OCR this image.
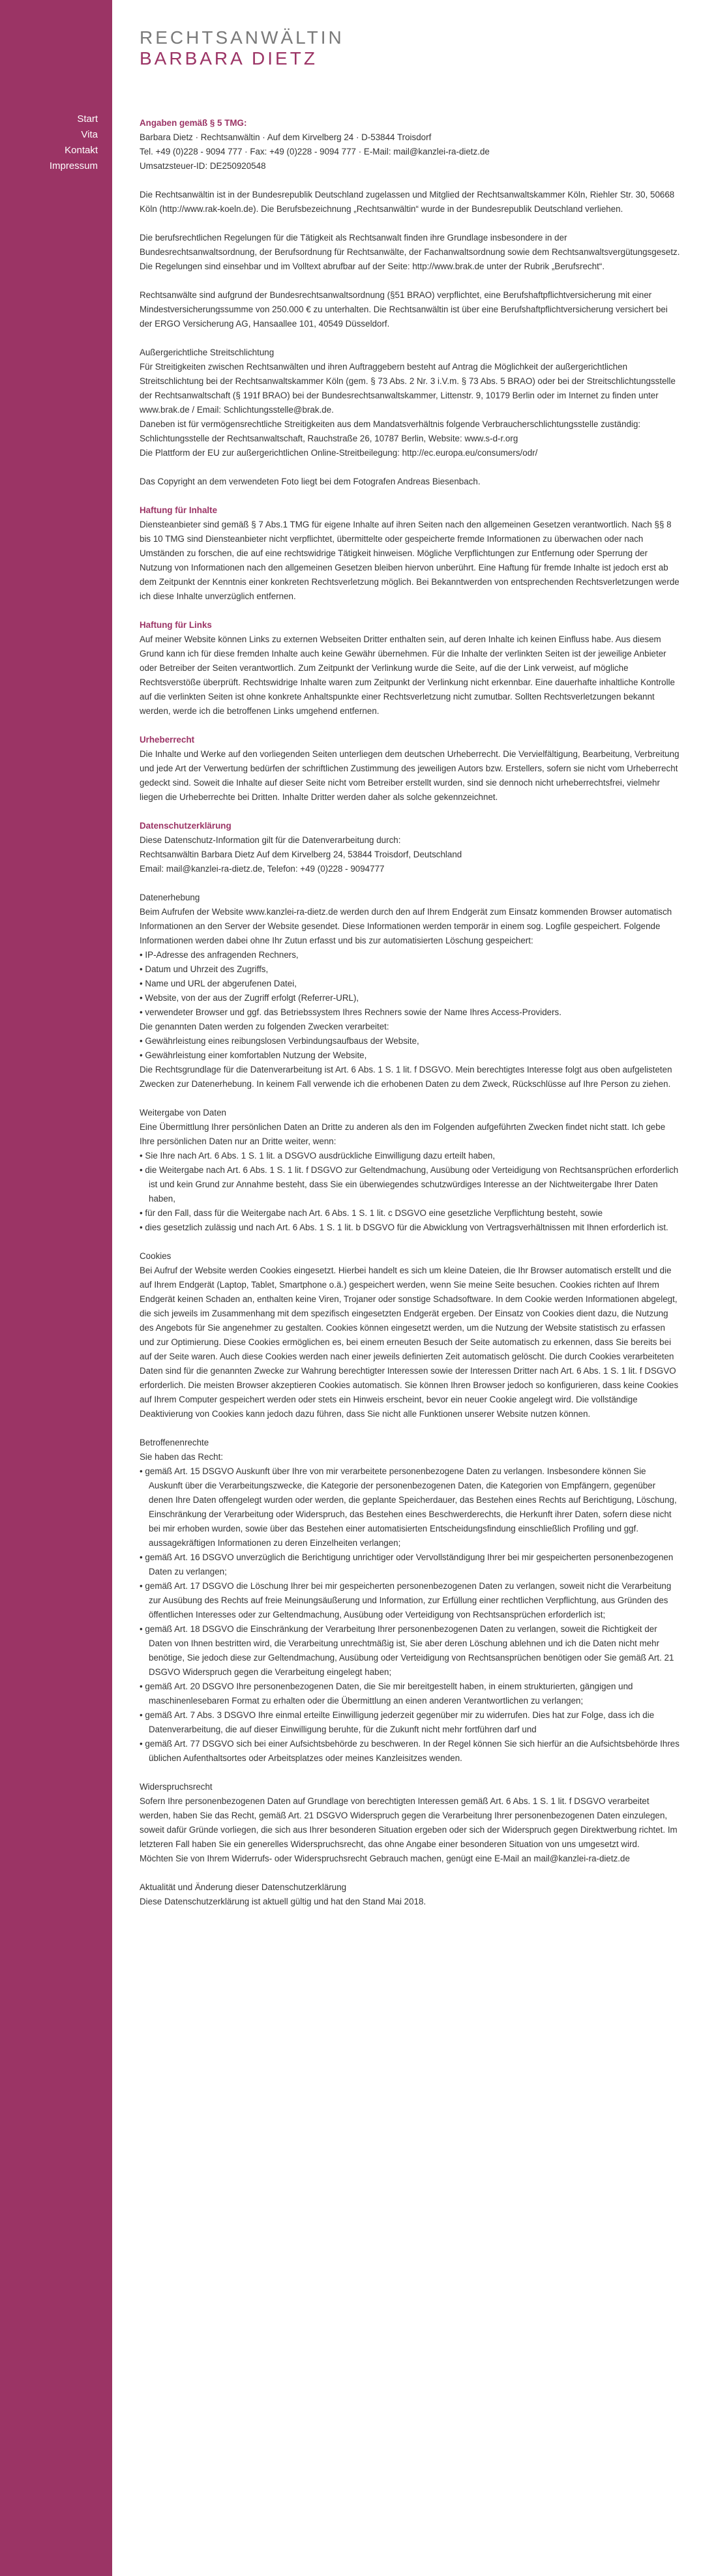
Start
Vita
Kontakt
Impressum
RECHTSANWÄLTIN
BARBARA DIETZ
Angaben gemäß § 5 TMG:
Barbara Dietz · Rechtsanwältin · Auf dem Kirvelberg 24 · D-53844 Troisdorf
Tel. +49 (0)228 - 9094 777 · Fax: +49 (0)228 - 9094 777 · E-Mail: mail@kanzlei-ra-dietz.de
Umsatzsteuer-ID: DE250920548

Die Rechtsanwältin ist in der Bundesrepublik Deutschland zugelassen und Mitglied der Rechtsanwaltskammer Köln, Riehler Str. 30, 50668 Köln (http://www.rak-koeln.de). Die Berufsbezeichnung „Rechtsanwältin“ wurde in der Bundesrepublik Deutschland verliehen.

Die berufsrechtlichen Regelungen für die Tätigkeit als Rechtsanwalt finden ihre Grundlage insbesondere in der Bundesrechtsanwaltsordnung, der Berufsordnung für Rechtsanwälte, der Fachanwaltsordnung sowie dem Rechtsanwaltsvergütungsgesetz. Die Regelungen sind einsehbar und im Volltext abrufbar auf der Seite: http://www.brak.de unter der Rubrik „Berufsrecht“.

Rechtsanwälte sind aufgrund der Bundesrechtsanwaltsordnung (§51 BRAO) verpflichtet, eine Berufshaftpflichtversicherung mit einer Mindestversicherungssumme von 250.000 € zu unterhalten. Die Rechtsanwältin ist über eine Berufshaftpflichtversicherung versichert bei der ERGO Versicherung AG, Hansaallee 101, 40549 Düsseldorf.

Außergerichtliche Streitschlichtung
Für Streitigkeiten zwischen Rechtsanwälten und ihren Auftraggebern besteht auf Antrag die Möglichkeit der außergerichtlichen Streitschlichtung bei der Rechtsanwaltskammer Köln (gem. § 73 Abs. 2 Nr. 3 i.V.m. § 73 Abs. 5 BRAO) oder bei der Streitschlichtungsstelle der Rechtsanwaltschaft (§ 191f BRAO) bei der Bundesrechtsanwaltskammer, Littenstr. 9, 10179 Berlin oder im Internet zu finden unter www.brak.de / Email: Schlichtungsstelle@brak.de.
Daneben ist für vermögensrechtliche Streitigkeiten aus dem Mandatsverhältnis folgende Verbraucherschlichtungsstelle zuständig: Schlichtungsstelle der Rechtsanwaltschaft, Rauchstraße 26, 10787 Berlin, Website: www.s-d-r.org
Die Plattform der EU zur außergerichtlichen Online-Streitbeilegung: http://ec.europa.eu/consumers/odr/

Das Copyright an dem verwendeten Foto liegt bei dem Fotografen Andreas Biesenbach.

Haftung für Inhalte
Diensteanbieter sind gemäß § 7 Abs.1 TMG für eigene Inhalte auf ihren Seiten nach den allgemeinen Gesetzen verantwortlich. Nach §§ 8 bis 10 TMG sind Diensteanbieter nicht verpflichtet, übermittelte oder gespeicherte fremde Informationen zu überwachen oder nach Umständen zu forschen, die auf eine rechtswidrige Tätigkeit hinweisen. Mögliche Verpflichtungen zur Entfernung oder Sperrung der Nutzung von Informationen nach den allgemeinen Gesetzen bleiben hiervon unberührt. Eine Haftung für fremde Inhalte ist jedoch erst ab dem Zeitpunkt der Kenntnis einer konkreten Rechtsverletzung möglich. Bei Bekanntwerden von entsprechenden Rechtsverletzungen werde ich diese Inhalte unverzüglich entfernen.
Haftung für Links
Auf meiner Website können Links zu externen Webseiten Dritter enthalten sein, auf deren Inhalte ich keinen Einfluss habe. Aus diesem Grund kann ich für diese fremden Inhalte auch keine Gewähr übernehmen. Für die Inhalte der verlinkten Seiten ist der jeweilige Anbieter oder Betreiber der Seiten verantwortlich. Zum Zeitpunkt der Verlinkung wurde die Seite, auf die der Link verweist, auf mögliche Rechtsverstöße überprüft. Rechtswidrige Inhalte waren zum Zeitpunkt der Verlinkung nicht erkennbar. Eine dauerhafte inhaltliche Kontrolle auf die verlinkten Seiten ist ohne konkrete Anhaltspunkte einer Rechtsverletzung nicht zumutbar. Sollten Rechtsverletzungen bekannt werden, werde ich die betroffenen Links umgehend entfernen.
Urheberrecht
Die Inhalte und Werke auf den vorliegenden Seiten unterliegen dem deutschen Urheberrecht. Die Vervielfältigung, Bearbeitung, Verbreitung und jede Art der Verwertung bedürfen der schriftlichen Zustimmung des jeweiligen Autors bzw. Erstellers, sofern sie nicht vom Urheberrecht gedeckt sind. Soweit die Inhalte auf dieser Seite nicht vom Betreiber erstellt wurden, sind sie dennoch nicht urheberrechtsfrei, vielmehr liegen die Urheberrechte bei Dritten. Inhalte Dritter werden daher als solche gekennzeichnet.
Datenschutzerklärung
Diese Datenschutz-Information gilt für die Datenverarbeitung durch:
Rechtsanwältin Barbara Dietz Auf dem Kirvelberg 24, 53844 Troisdorf, Deutschland
Email: mail@kanzlei-ra-dietz.de, Telefon: +49 (0)228 - 9094777
Datenerhebung
Beim Aufrufen der Website www.kanzlei-ra-dietz.de werden durch den auf Ihrem Endgerät zum Einsatz kommenden Browser automatisch Informationen an den Server der Website gesendet. Diese Informationen werden temporär in einem sog. Logfile gespeichert. Folgende Informationen werden dabei ohne Ihr Zutun erfasst und bis zur automatisierten Löschung gespeichert:
• IP-Adresse des anfragenden Rechners,
• Datum und Uhrzeit des Zugriffs,
• Name und URL der abgerufenen Datei,
• Website, von der aus der Zugriff erfolgt (Referrer-URL),
• verwendeter Browser und ggf. das Betriebssystem Ihres Rechners sowie der Name Ihres Access-Providers.
Die genannten Daten werden zu folgenden Zwecken verarbeitet:
• Gewährleistung eines reibungslosen Verbindungsaufbaus der Website,
• Gewährleistung einer komfortablen Nutzung der Website,
Die Rechtsgrundlage für die Datenverarbeitung ist Art. 6 Abs. 1 S. 1 lit. f DSGVO. Mein berechtigtes Interesse folgt aus oben aufgelisteten Zwecken zur Datenerhebung. In keinem Fall verwende ich die erhobenen Daten zu dem Zweck, Rückschlüsse auf Ihre Person zu ziehen.
Weitergabe von Daten
Eine Übermittlung Ihrer persönlichen Daten an Dritte zu anderen als den im Folgenden aufgeführten Zwecken findet nicht statt. Ich gebe Ihre persönlichen Daten nur an Dritte weiter, wenn:
• Sie Ihre nach Art. 6 Abs. 1 S. 1 lit. a DSGVO ausdrückliche Einwilligung dazu erteilt haben,
• die Weitergabe nach Art. 6 Abs. 1 S. 1 lit. f DSGVO zur Geltendmachung, Ausübung oder Verteidigung von Rechtsansprüchen erforderlich ist und kein Grund zur Annahme besteht, dass Sie ein überwiegendes schutzwürdiges Interesse an der Nichtweitergabe Ihrer Daten haben,
• für den Fall, dass für die Weitergabe nach Art. 6 Abs. 1 S. 1 lit. c DSGVO eine gesetzliche Verpflichtung besteht, sowie
• dies gesetzlich zulässig und nach Art. 6 Abs. 1 S. 1 lit. b DSGVO für die Abwicklung von Vertragsverhältnissen mit Ihnen erforderlich ist.
Cookies
Bei Aufruf der Website werden Cookies eingesetzt. Hierbei handelt es sich um kleine Dateien, die Ihr Browser automatisch erstellt und die auf Ihrem Endgerät (Laptop, Tablet, Smartphone o.ä.) gespeichert werden, wenn Sie meine Seite besuchen. Cookies richten auf Ihrem Endgerät keinen Schaden an, enthalten keine Viren, Trojaner oder sonstige Schadsoftware. In dem Cookie werden Informationen abgelegt, die sich jeweils im Zusammenhang mit dem spezifisch eingesetzten Endgerät ergeben. Der Einsatz von Cookies dient dazu, die Nutzung des Angebots für Sie angenehmer zu gestalten. Cookies können eingesetzt werden, um die Nutzung der Website statistisch zu erfassen und zur Optimierung. Diese Cookies ermöglichen es, bei einem erneuten Besuch der Seite automatisch zu erkennen, dass Sie bereits bei auf der Seite waren. Auch diese Cookies werden nach einer jeweils definierten Zeit automatisch gelöscht. Die durch Cookies verarbeiteten Daten sind für die genannten Zwecke zur Wahrung berechtigter Interessen sowie der Interessen Dritter nach Art. 6 Abs. 1 S. 1 lit. f DSGVO erforderlich. Die meisten Browser akzeptieren Cookies automatisch. Sie können Ihren Browser jedoch so konfigurieren, dass keine Cookies auf Ihrem Computer gespeichert werden oder stets ein Hinweis erscheint, bevor ein neuer Cookie angelegt wird. Die vollständige Deaktivierung von Cookies kann jedoch dazu führen, dass Sie nicht alle Funktionen unserer Website nutzen können.
Betroffenenrechte
Sie haben das Recht:
• gemäß Art. 15 DSGVO Auskunft über Ihre von mir verarbeitete personenbezogene Daten zu verlangen. Insbesondere können Sie Auskunft über die Verarbeitungszwecke, die Kategorie der personenbezogenen Daten, die Kategorien von Empfängern, gegenüber denen Ihre Daten offengelegt wurden oder werden, die geplante Speicherdauer, das Bestehen eines Rechts auf Berichtigung, Löschung, Einschränkung der Verarbeitung oder Widerspruch, das Bestehen eines Beschwerderechts, die Herkunft ihrer Daten, sofern diese nicht bei mir erhoben wurden, sowie über das Bestehen einer automatisierten Entscheidungsfindung einschließlich Profiling und ggf. aussagekräftigen Informationen zu deren Einzelheiten verlangen;
• gemäß Art. 16 DSGVO unverzüglich die Berichtigung unrichtiger oder Vervollständigung Ihrer bei mir gespeicherten personenbezogenen Daten zu verlangen;
• gemäß Art. 17 DSGVO die Löschung Ihrer bei mir gespeicherten personenbezogenen Daten zu verlangen, soweit nicht die Verarbeitung zur Ausübung des Rechts auf freie Meinungsäußerung und Information, zur Erfüllung einer rechtlichen Verpflichtung, aus Gründen des öffentlichen Interesses oder zur Geltendmachung, Ausübung oder Verteidigung von Rechtsansprüchen erforderlich ist;
• gemäß Art. 18 DSGVO die Einschränkung der Verarbeitung Ihrer personenbezogenen Daten zu verlangen, soweit die Richtigkeit der Daten von Ihnen bestritten wird, die Verarbeitung unrechtmäßig ist, Sie aber deren Löschung ablehnen und ich die Daten nicht mehr benötige, Sie jedoch diese zur Geltendmachung, Ausübung oder Verteidigung von Rechtsansprüchen benötigen oder Sie gemäß Art. 21 DSGVO Widerspruch gegen die Verarbeitung eingelegt haben;
• gemäß Art. 20 DSGVO Ihre personenbezogenen Daten, die Sie mir bereitgestellt haben, in einem strukturierten, gängigen und maschinenlesebaren Format zu erhalten oder die Übermittlung an einen anderen Verantwortlichen zu verlangen;
• gemäß Art. 7 Abs. 3 DSGVO Ihre einmal erteilte Einwilligung jederzeit gegenüber mir zu widerrufen. Dies hat zur Folge, dass ich die Datenverarbeitung, die auf dieser Einwilligung beruhte, für die Zukunft nicht mehr fortführen darf und
• gemäß Art. 77 DSGVO sich bei einer Aufsichtsbehörde zu beschweren. In der Regel können Sie sich hierfür an die Aufsichtsbehörde Ihres üblichen Aufenthaltsortes oder Arbeitsplatzes oder meines Kanzleisitzes wenden.
Widerspruchsrecht
Sofern Ihre personenbezogenen Daten auf Grundlage von berechtigten Interessen gemäß Art. 6 Abs. 1 S. 1 lit. f DSGVO verarbeitet werden, haben Sie das Recht, gemäß Art. 21 DSGVO Widerspruch gegen die Verarbeitung Ihrer personenbezogenen Daten einzulegen, soweit dafür Gründe vorliegen, die sich aus Ihrer besonderen Situation ergeben oder sich der Widerspruch gegen Direktwerbung richtet. Im letzteren Fall haben Sie ein generelles Widerspruchsrecht, das ohne Angabe einer besonderen Situation von uns umgesetzt wird.
Möchten Sie von Ihrem Widerrufs- oder Widerspruchsrecht Gebrauch machen, genügt eine E-Mail an mail@kanzlei-ra-dietz.de
Aktualität und Änderung dieser Datenschutzerklärung
Diese Datenschutzerklärung ist aktuell gültig und hat den Stand Mai 2018.
